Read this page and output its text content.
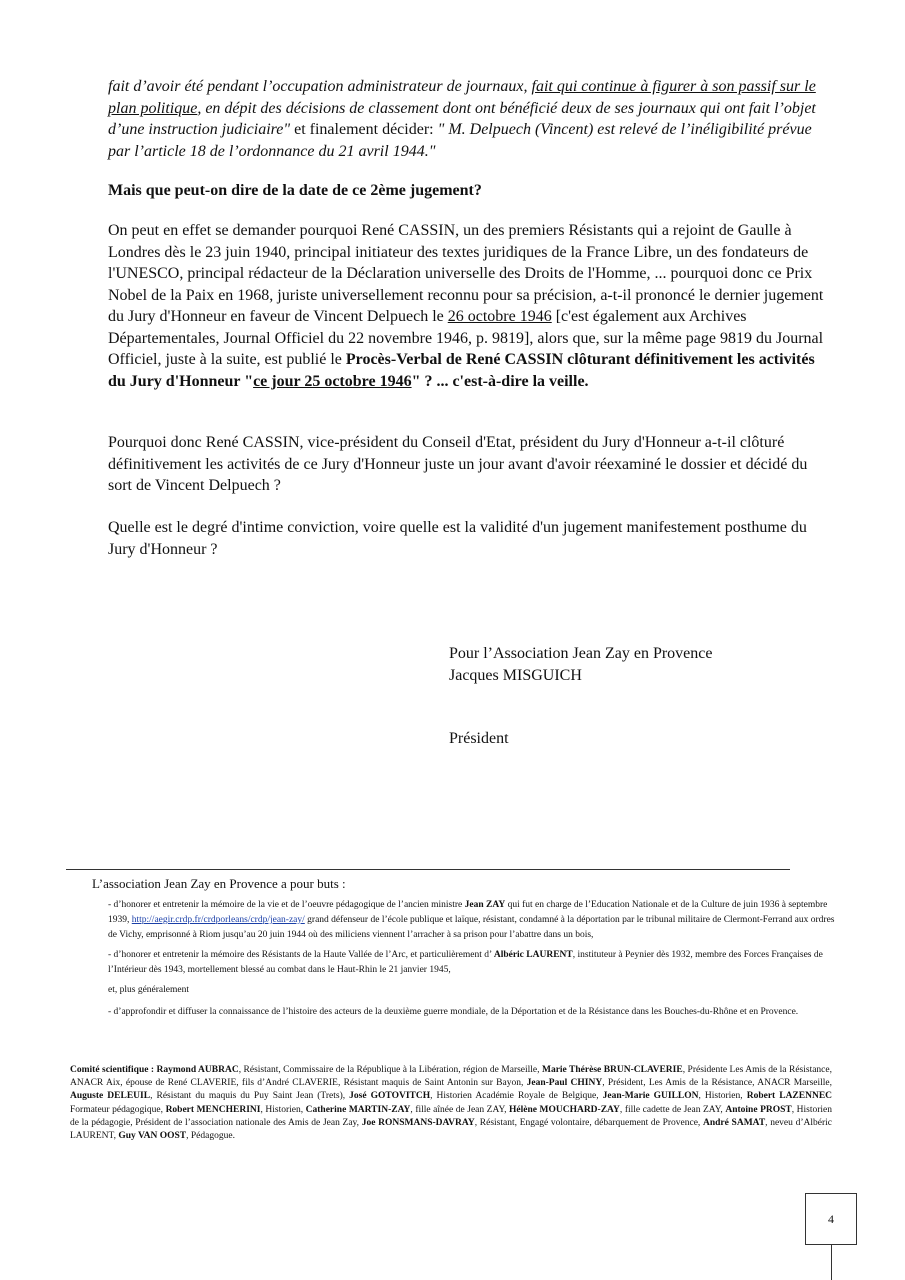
fait d’avoir été pendant l’occupation administrateur de journaux, fait qui continue à figurer à son passif sur le plan politique, en dépit des décisions de classement dont ont bénéficié deux de ses journaux qui ont fait l’objet d’une instruction judiciaire" et finalement décider: " M. Delpuech (Vincent) est relevé de l’inéligibilité prévue par l’article 18 de l’ordonnance du 21 avril 1944."

Mais que peut-on dire de la date de ce 2ème jugement?

On peut en effet se demander pourquoi René CASSIN, un des premiers Résistants qui a rejoint de Gaulle à Londres dès le 23 juin 1940, principal initiateur des textes juridiques de la France Libre, un des fondateurs de l'UNESCO, principal rédacteur de la Déclaration universelle des Droits de l'Homme, ... pourquoi donc ce Prix Nobel de la Paix en 1968, juriste universellement reconnu pour sa précision, a-t-il prononcé le dernier jugement du Jury d'Honneur en faveur de Vincent Delpuech le 26 octobre 1946 [c'est également aux Archives Départementales, Journal Officiel du 22 novembre 1946, p. 9819], alors que, sur la même page 9819 du Journal Officiel, juste à la suite, est publié le Procès-Verbal de René CASSIN clôturant définitivement les activités du Jury d'Honneur "ce jour 25 octobre 1946" ? ... c'est-à-dire la veille.

Pourquoi donc René CASSIN, vice-président du Conseil d'Etat, président du Jury d'Honneur a-t-il clôturé définitivement les activités de ce Jury d'Honneur juste un jour avant d'avoir réexaminé le dossier et décidé du sort de Vincent Delpuech ?

Quelle est le degré d'intime conviction, voire quelle est la validité d'un jugement manifestement posthume du Jury d'Honneur ?

Pour l’Association Jean Zay en Provence
Jacques MISGUICH
Président
L’association Jean Zay en Provence a pour buts :

- d’honorer et entretenir la mémoire de la vie et de l’oeuvre pédagogique de l’ancien ministre Jean ZAY qui fut en charge de l’Education Nationale et de la Culture de juin 1936 à septembre 1939, http://aegir.crdp.fr/crdporleans/crdp/jean-zay/ grand défenseur de l’école publique et laïque, résistant, condamné à la déportation par le tribunal militaire de Clermont-Ferrand aux ordres de Vichy, emprisonné à Riom jusqu’au 20 juin 1944 où des miliciens viennent l’arracher à sa prison pour l’abattre dans un bois,

- d’honorer et entretenir la mémoire des Résistants de la Haute Vallée de l’Arc, et particulièrement d’ Albéric LAURENT, instituteur à Peynier dès 1932, membre des Forces Françaises de l’Intérieur dès 1943, mortellement blessé au combat dans le Haut-Rhin le 21 janvier 1945,

et, plus généralement

- d’approfondir et diffuser la connaissance de l’histoire des acteurs de la deuxième guerre mondiale, de la Déportation et de la Résistance dans les Bouches-du-Rhône et en Provence.

Comité scientifique : Raymond AUBRAC, Résistant, Commissaire de la République à la Libération, région de Marseille, Marie Thérèse BRUN-CLAVERIE, Présidente Les Amis de la Résistance, ANACR Aix, épouse de René CLAVERIE, fils d’André CLAVERIE, Résistant maquis de Saint Antonin sur Bayon, Jean-Paul CHINY, Président, Les Amis de la Résistance, ANACR Marseille, Auguste DELEUIL, Résistant du maquis du Puy Saint Jean (Trets), José GOTOVITCH, Historien Académie Royale de Belgique, Jean-Marie GUILLON, Historien, Robert LAZENNEC Formateur pédagogique, Robert MENCHERINI, Historien, Catherine MARTIN-ZAY, fille aînée de Jean ZAY, Hélène MOUCHARD-ZAY, fille cadette de Jean ZAY, Antoine PROST, Historien de la pédagogie, Président de l’association nationale des Amis de Jean Zay, Joe RONSMANS-DAVRAY, Résistant, Engagé volontaire, débarquement de Provence, André SAMAT, neveu d’Albéric LAURENT, Guy VAN OOST, Pédagogue.

4
